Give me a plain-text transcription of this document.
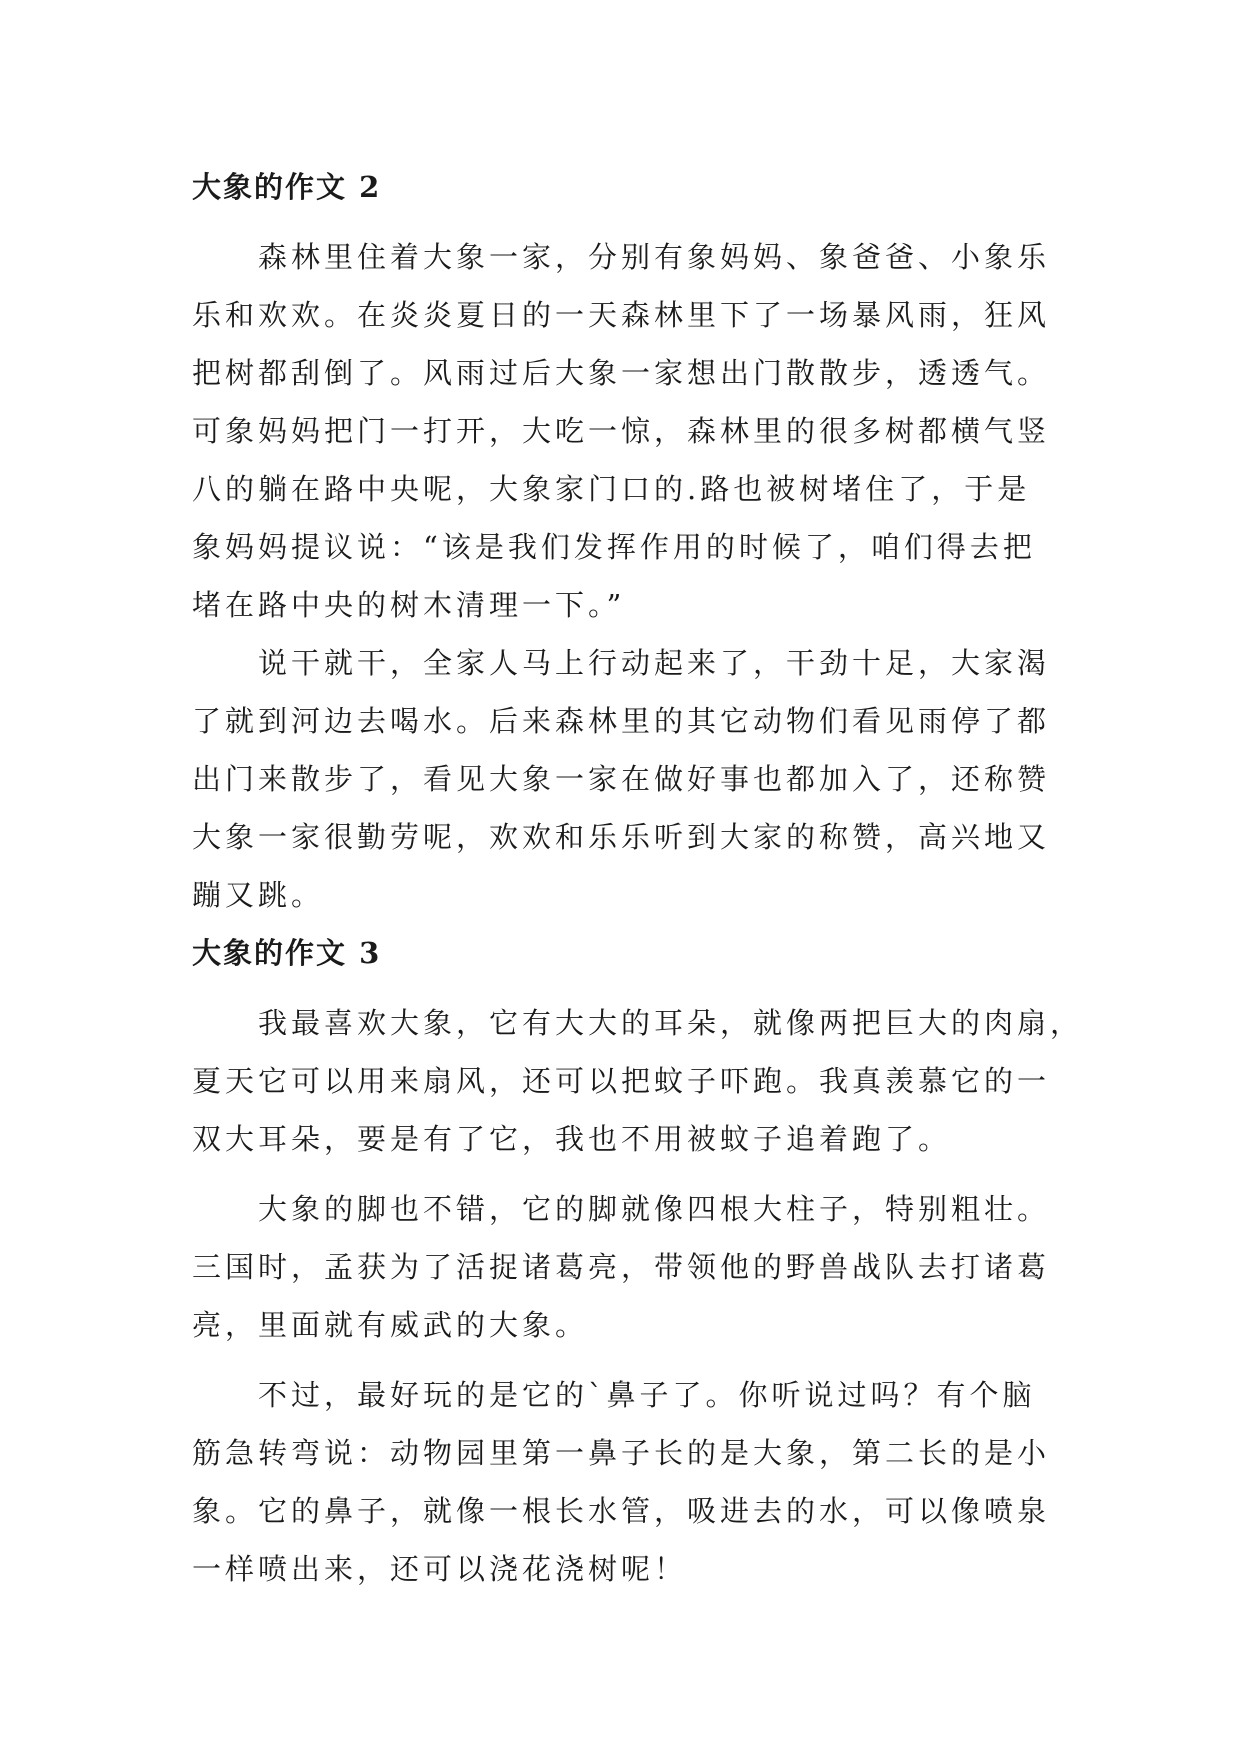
大象的作文 2

森林里住着大象一家，分别有象妈妈、象爸爸、小象乐
乐和欢欢。在炎炎夏日的一天森林里下了一场暴风雨，狂风
把树都刮倒了。风雨过后大象一家想出门散散步，透透气。
可象妈妈把门一打开，大吃一惊，森林里的很多树都横气竖
八的躺在路中央呢，大象家门口的.路也被树堵住了，于是
象妈妈提议说：“该是我们发挥作用的时候了，咱们得去把
堵在路中央的树木清理一下。”

说干就干，全家人马上行动起来了，干劲十足，大家渴
了就到河边去喝水。后来森林里的其它动物们看见雨停了都
出门来散步了，看见大象一家在做好事也都加入了，还称赞
大象一家很勤劳呢，欢欢和乐乐听到大家的称赞，高兴地又
蹦又跳。

大象的作文 3

我最喜欢大象，它有大大的耳朵，就像两把巨大的肉扇，
夏天它可以用来扇风，还可以把蚊子吓跑。我真羡慕它的一
双大耳朵，要是有了它，我也不用被蚊子追着跑了。

大象的脚也不错，它的脚就像四根大柱子，特别粗壮。
三国时，孟获为了活捉诸葛亮，带领他的野兽战队去打诸葛
亮，里面就有威武的大象。

不过，最好玩的是它的`鼻子了。你听说过吗？有个脑
筋急转弯说：动物园里第一鼻子长的是大象，第二长的是小
象。它的鼻子，就像一根长水管，吸进去的水，可以像喷泉
一样喷出来，还可以浇花浇树呢！
